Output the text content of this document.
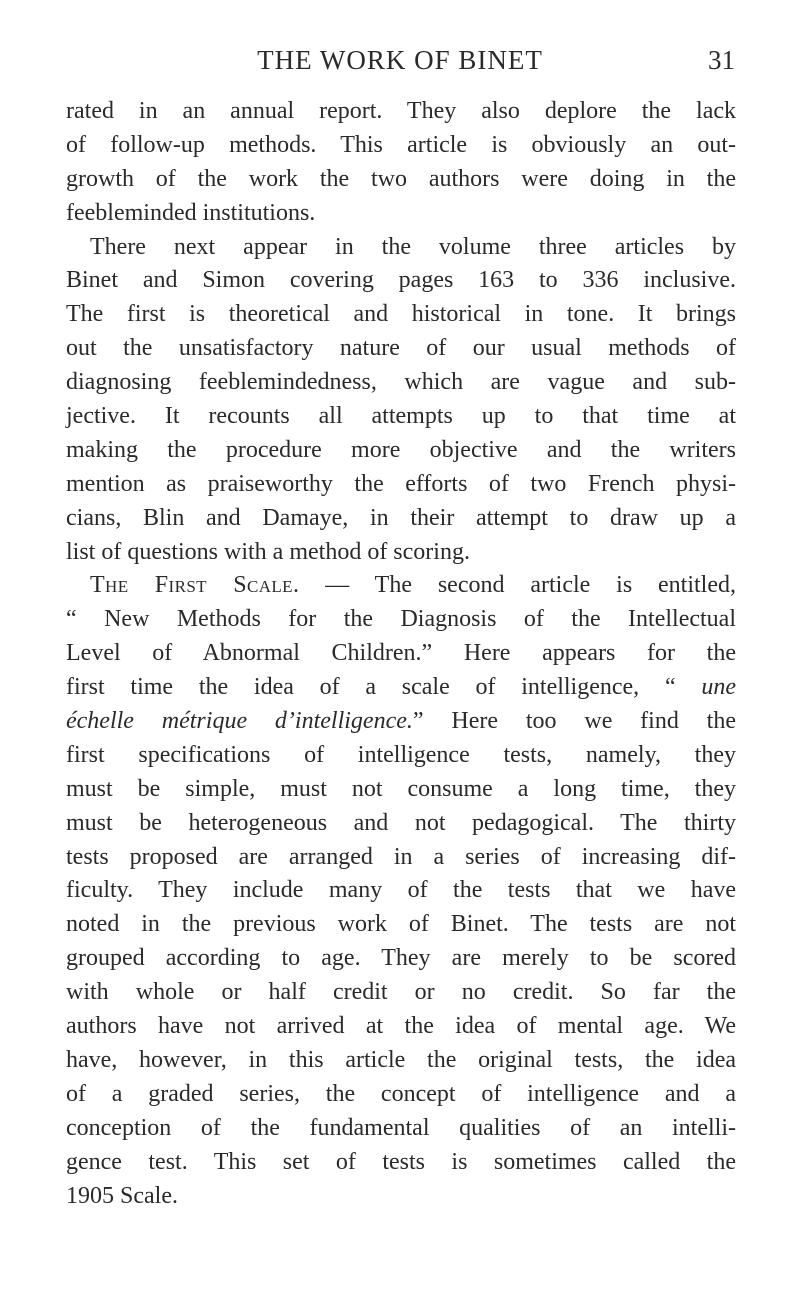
THE WORK OF BINET	31
rated in an annual report. They also deplore the lack
of follow-up methods. This article is obviously an out-
growth of the work the two authors were doing in the
feebleminded institutions.
There next appear in the volume three articles by
Binet and Simon covering pages 163 to 336 inclusive.
The first is theoretical and historical in tone. It brings
out the unsatisfactory nature of our usual methods of
diagnosing feeblemindedness, which are vague and sub-
jective. It recounts all attempts up to that time at
making the procedure more objective and the writers
mention as praiseworthy the efforts of two French physi-
cians, Blin and Damaye, in their attempt to draw up a
list of questions with a method of scoring.
The First Scale. — The second article is entitled,
“ New Methods for the Diagnosis of the Intellectual
Level of Abnormal Children.” Here appears for the
first time the idea of a scale of intelligence, “ une
échelle métrique d’intelligence.” Here too we find the
first specifications of intelligence tests, namely, they
must be simple, must not consume a long time, they
must be heterogeneous and not pedagogical. The thirty
tests proposed are arranged in a series of increasing dif-
ficulty. They include many of the tests that we have
noted in the previous work of Binet. The tests are not
grouped according to age. They are merely to be scored
with whole or half credit or no credit. So far the
authors have not arrived at the idea of mental age. We
have, however, in this article the original tests, the idea
of a graded series, the concept of intelligence and a
conception of the fundamental qualities of an intelli-
gence test. This set of tests is sometimes called the
1905 Scale.
